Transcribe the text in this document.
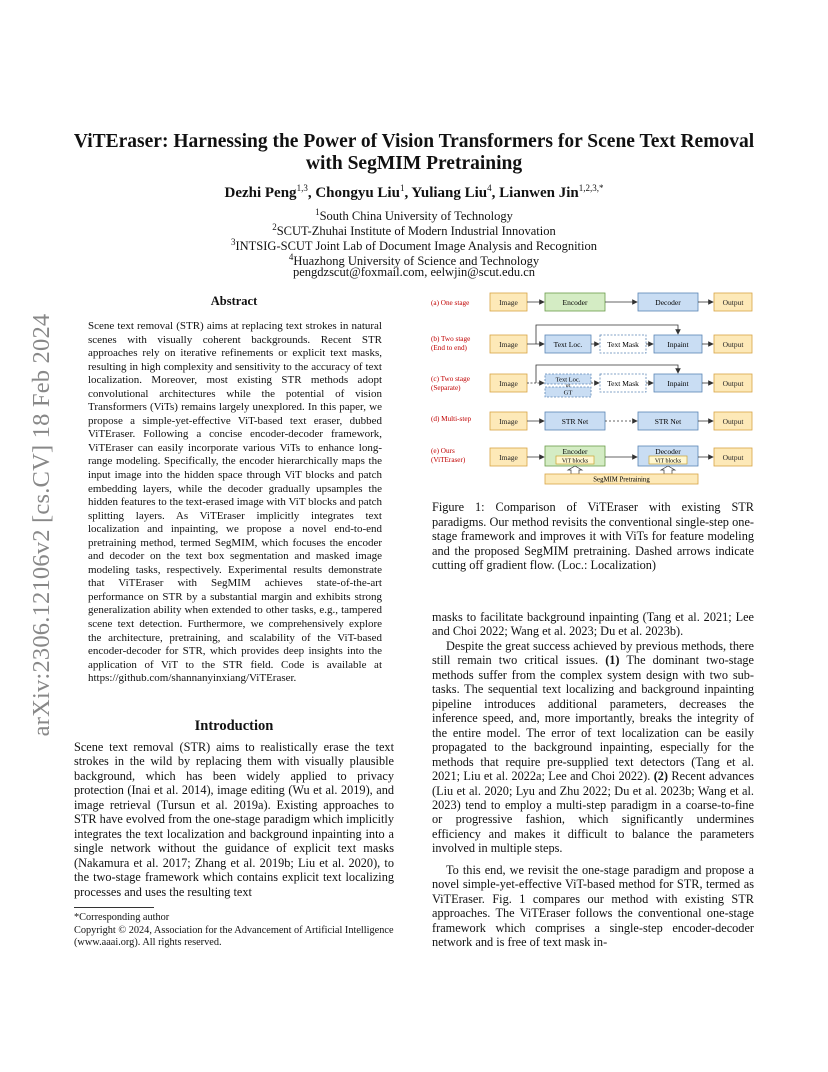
arXiv:2306.12106v2 [cs.CV] 18 Feb 2024
ViTEraser: Harnessing the Power of Vision Transformers for Scene Text Removal
with SegMIM Pretraining
Dezhi Peng$^{1,3}$, Chongyu Liu$^1$, Yuliang Liu$^4$, Lianwen Jin$^{1,2,3,*}$
$^1$South China University of Technology
$^2$SCUT-Zhuhai Institute of Modern Industrial Innovation
$^3$INTSIG-SCUT Joint Lab of Document Image Analysis and Recognition
$^4$Huazhong University of Science and Technology
pengdzscut@foxmail.com, eelwjin@scut.edu.cn
Abstract
Scene text removal (STR) aims at replacing text strokes in natural scenes with visually coherent backgrounds. Recent STR approaches rely on iterative refinements or explicit text masks, resulting in high complexity and sensitivity to the accuracy of text localization. Moreover, most existing STR methods adopt convolutional architectures while the potential of vision Transformers (ViTs) remains largely unexplored. In this paper, we propose a simple-yet-effective ViT-based text eraser, dubbed ViTEraser. Following a concise encoder-decoder framework, ViTEraser can easily incorporate various ViTs to enhance long-range modeling. Specifically, the encoder hierarchically maps the input image into the hidden space through ViT blocks and patch embedding layers, while the decoder gradually upsamples the hidden features to the text-erased image with ViT blocks and patch splitting layers. As ViTEraser implicitly integrates text localization and inpainting, we propose a novel end-to-end pretraining method, termed SegMIM, which focuses the encoder and decoder on the text box segmentation and masked image modeling tasks, respectively. Experimental results demonstrate that ViTEraser with SegMIM achieves state-of-the-art performance on STR by a substantial margin and exhibits strong generalization ability when extended to other tasks, e.g., tampered scene text detection. Furthermore, we comprehensively explore the architecture, pretraining, and scalability of the ViT-based encoder-decoder for STR, which provides deep insights into the application of ViT to the STR field. Code is available at https://github.com/shannanyinxiang/ViTEraser.
Introduction
Scene text removal (STR) aims to realistically erase the text strokes in the wild by replacing them with visually plausible background, which has been widely applied to privacy protection (Inai et al. 2014), image editing (Wu et al. 2019), and image retrieval (Tursun et al. 2019a). Existing approaches to STR have evolved from the one-stage paradigm which implicitly integrates the text localization and background inpainting into a single network without the guidance of explicit text masks (Nakamura et al. 2017; Zhang et al. 2019b; Liu et al. 2020), to the two-stage framework which contains explicit text localizing processes and uses the resulting text

*Corresponding author

Copyright © 2024, Association for the Advancement of Artificial Intelligence (www.aaai.org). All rights reserved.

(a) One stage
(b) Two stage
(End to end)
(c) Two stage
(Separate)
(d) Multi-step
(e) Ours
(ViTEraser)
Image
Image
Image
Image
Image
Output
Output
Output
Output
Output
Encoder	Decoder
Text Loc.	Text Mask	Inpaint
Text Loc.
or
GT
Text Mask	Inpaint
STR Net	STR Net
Encoder	Decoder
ViT blocks	ViT blocks
SegMIM Pretraining
Figure 1: Comparison of ViTEraser with existing STR paradigms. Our method revisits the conventional single-step one-stage framework and improves it with ViTs for feature modeling and the proposed SegMIM pretraining. Dashed arrows indicate cutting off gradient flow. (Loc.: Localization)
masks to facilitate background inpainting (Tang et al. 2021; Lee and Choi 2022; Wang et al. 2023; Du et al. 2023b).
Despite the great success achieved by previous methods, there still remain two critical issues. (1) The dominant two-stage methods suffer from the complex system design with two sub-tasks. The sequential text localizing and background inpainting pipeline introduces additional parameters, decreases the inference speed, and, more importantly, breaks the integrity of the entire model. The error of text localization can be easily propagated to the background inpainting, especially for the methods that require pre-supplied text detectors (Tang et al. 2021; Liu et al. 2022a; Lee and Choi 2022). (2) Recent advances (Liu et al. 2020; Lyu and Zhu 2022; Du et al. 2023b; Wang et al. 2023) tend to employ a multi-step paradigm in a coarse-to-fine or progressive fashion, which significantly undermines efficiency and makes it difficult to balance the parameters involved in multiple steps.
To this end, we revisit the one-stage paradigm and propose a novel simple-yet-effective ViT-based method for STR, termed as ViTEraser. Fig. 1 compares our method with existing STR approaches. The ViTEraser follows the conventional one-stage framework which comprises a single-step encoder-decoder network and is free of text mask in-
